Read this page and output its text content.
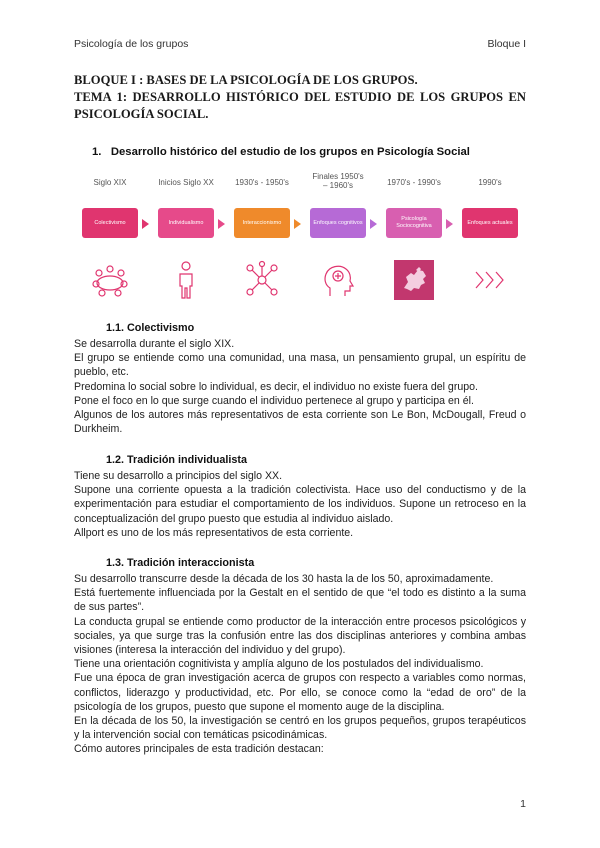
Psicología de los grupos	Bloque I
BLOQUE I : BASES DE LA PSICOLOGÍA DE LOS GRUPOS.
TEMA 1: DESARROLLO HISTÓRICO DEL ESTUDIO DE LOS GRUPOS EN PSICOLOGÍA SOCIAL.
1. Desarrollo histórico del estudio de los grupos en Psicología Social
Siglo XIX	Inicios Siglo XX	1930's - 1950's
Finales 1950's – 1960's	1970's - 1990's	1990's
Colectivismo	Individualismo	Interaccionismo	Enfoques cognitivos
Psicología Sociocognitiva
Enfoques actuales
1.1. Colectivismo

Se desarrolla durante el siglo XIX.

El grupo se entiende como una comunidad, una masa, un pensamiento grupal, un espíritu de pueblo, etc.

Predomina lo social sobre lo individual, es decir, el individuo no existe fuera del grupo.

Pone el foco en lo que surge cuando el individuo pertenece al grupo y participa en él.

Algunos de los autores más representativos de esta corriente son Le Bon, McDougall, Freud o Durkheim.

1.2. Tradición individualista

Tiene su desarrollo a principios del siglo XX.

Supone una corriente opuesta a la tradición colectivista. Hace uso del conductismo y de la experimentación para estudiar el comportamiento de los individuos. Supone un retroceso en la conceptualización del grupo puesto que estudia al individuo aislado.

Allport es uno de los más representativos de esta corriente.

1.3. Tradición interaccionista

Su desarrollo transcurre desde la década de los 30 hasta la de los 50, aproximadamente.

Está fuertemente influenciada por la Gestalt en el sentido de que “el todo es distinto a la suma de sus partes”.

La conducta grupal se entiende como productor de la interacción entre procesos psicológicos y sociales, ya que surge tras la confusión entre las dos disciplinas anteriores y combina ambas visiones (interesa la interacción del individuo y del grupo).

Tiene una orientación cognitivista y amplía alguno de los postulados del individualismo.

Fue una época de gran investigación acerca de grupos con respecto a variables como normas, conflictos, liderazgo y productividad, etc. Por ello, se conoce como la “edad de oro” de la psicología de los grupos, puesto que supone el momento auge de la disciplina.

En la década de los 50, la investigación se centró en los grupos pequeños, grupos terapéuticos y la intervención social con temáticas psicodinámicas.

Cómo autores principales de esta tradición destacan:

1
